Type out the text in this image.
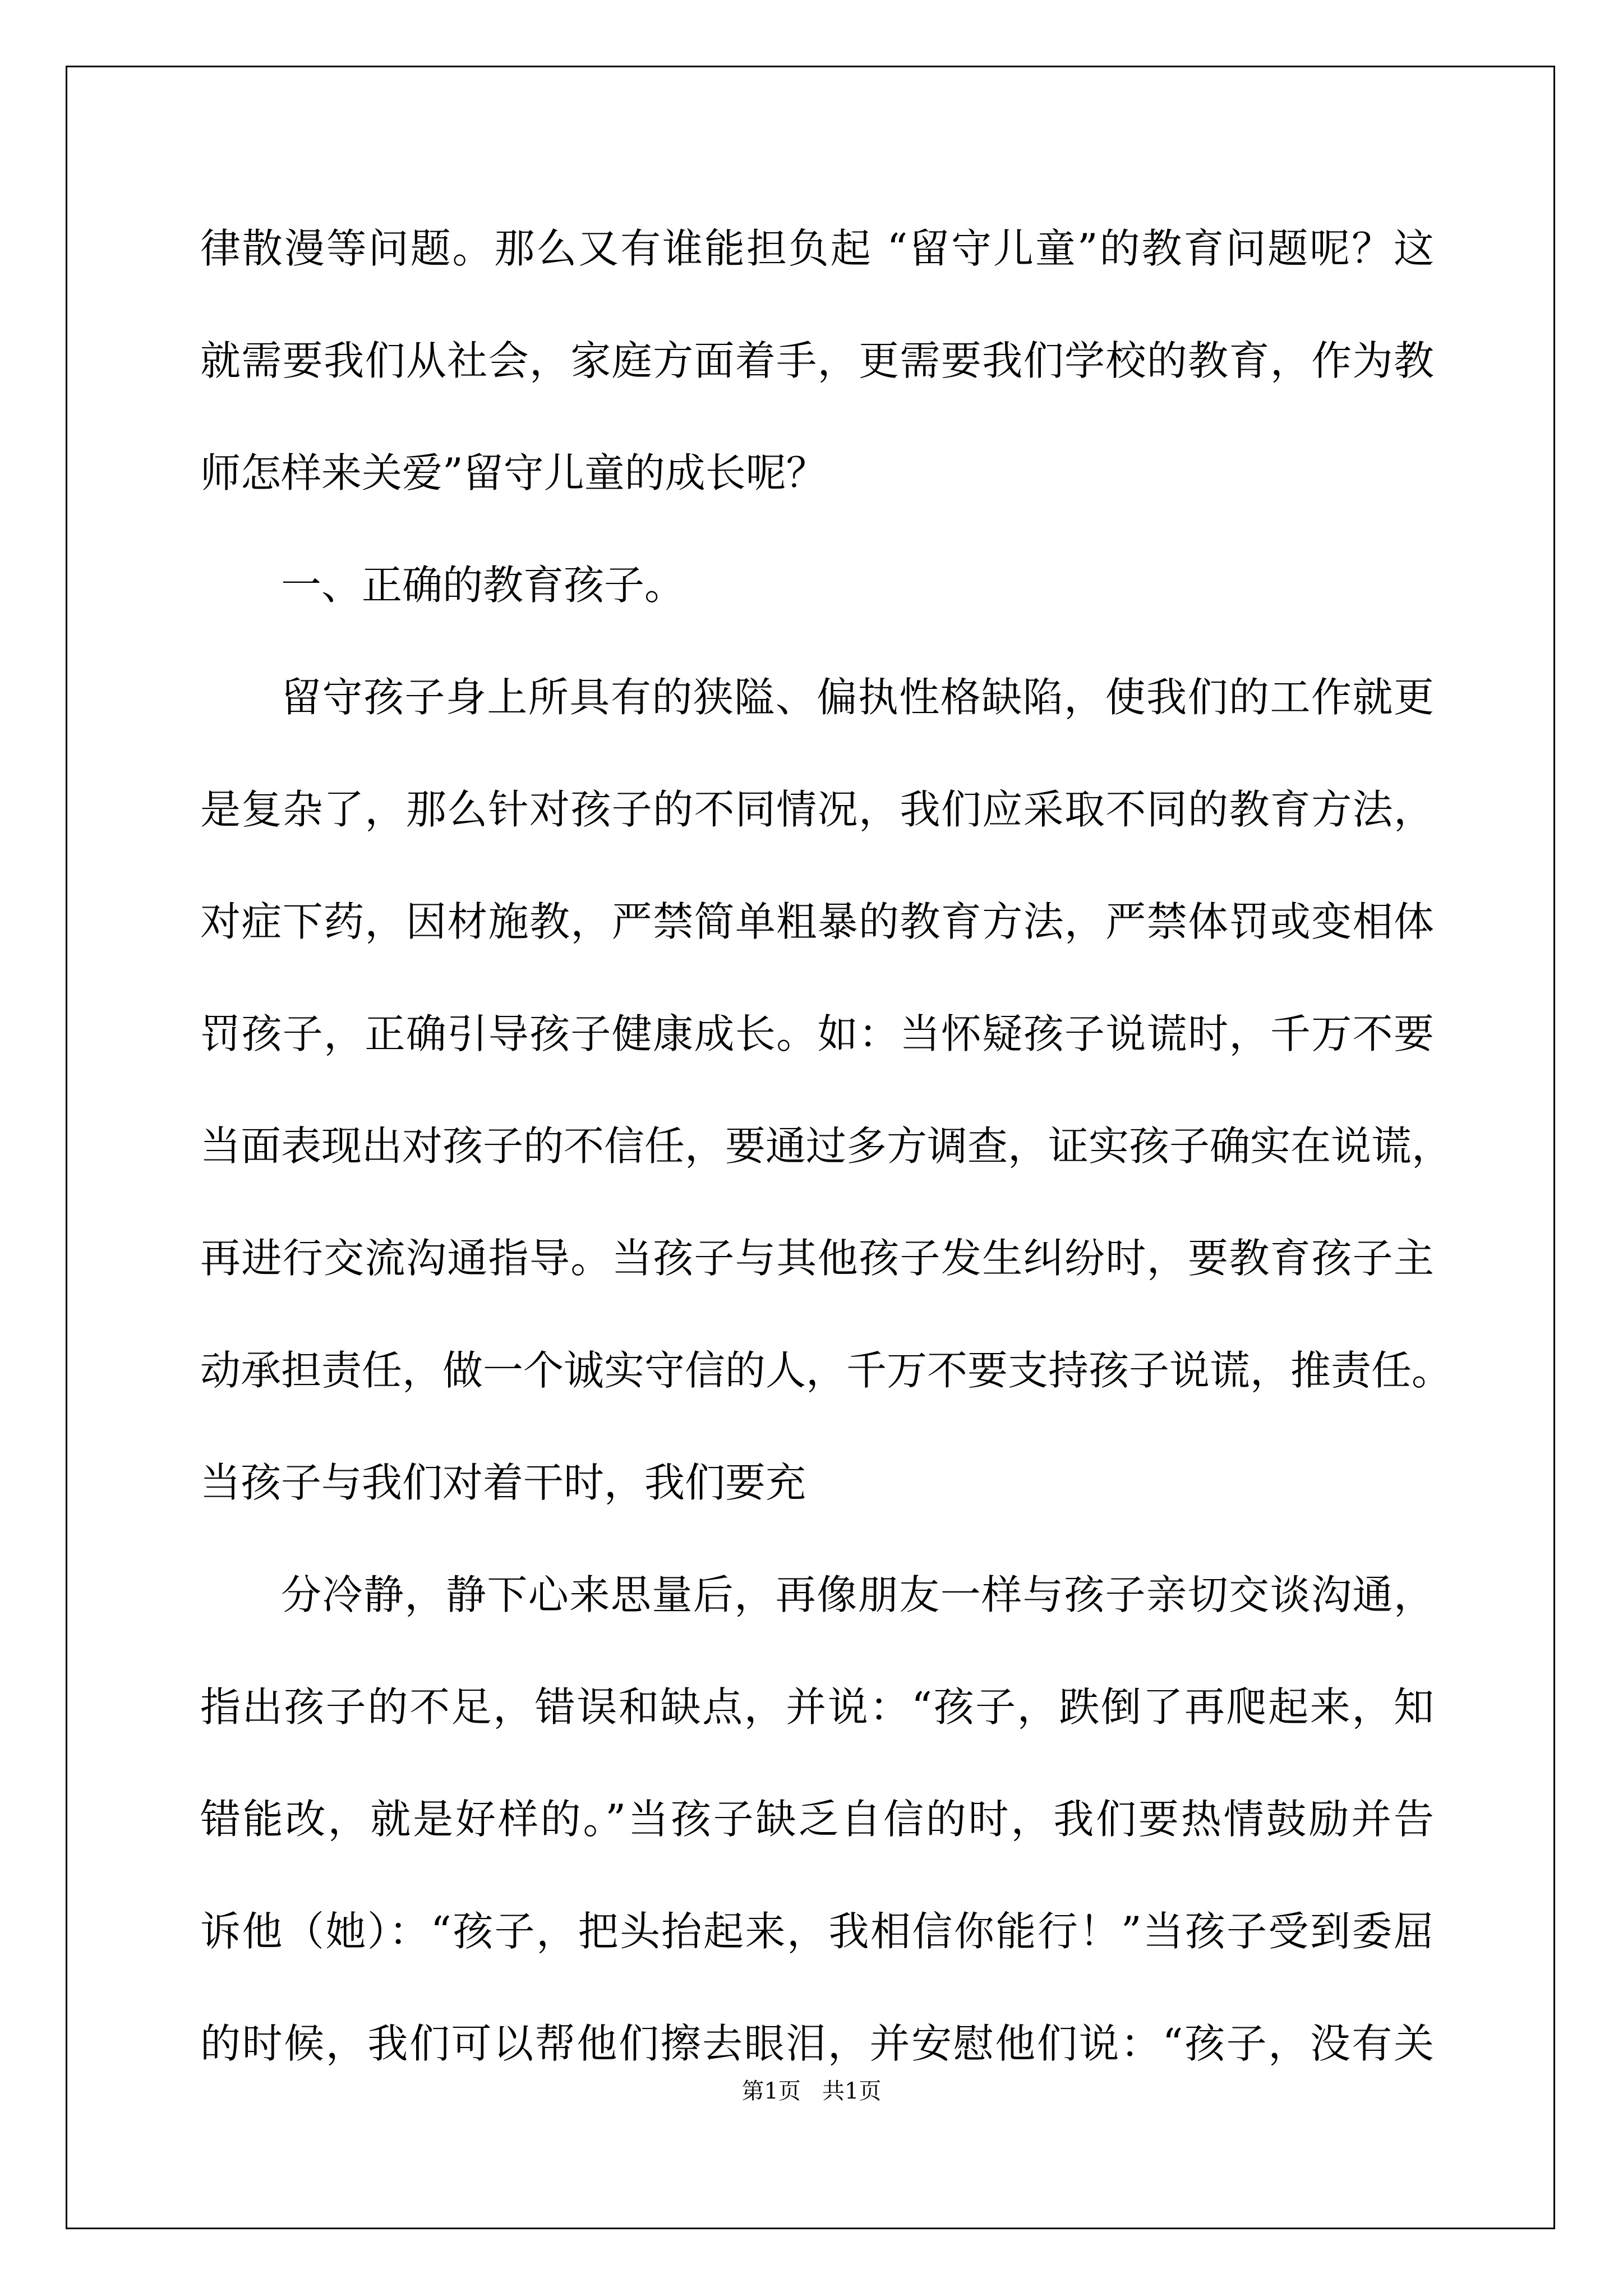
律散漫等问题。那么又有谁能担负起 “留守儿童”的教育问题呢？这
就需要我们从社会，家庭方面着手，更需要我们学校的教育，作为教
师怎样来关爱”留守儿童的成长呢？
一、正确的教育孩子。
留守孩子身上所具有的狭隘、偏执性格缺陷，使我们的工作就更
是复杂了，那么针对孩子的不同情况，我们应采取不同的教育方法，
对症下药，因材施教，严禁简单粗暴的教育方法，严禁体罚或变相体
罚孩子，正确引导孩子健康成长。如：当怀疑孩子说谎时，千万不要
当面表现出对孩子的不信任，要通过多方调查，证实孩子确实在说谎，
再进行交流沟通指导。当孩子与其他孩子发生纠纷时，要教育孩子主
动承担责任，做一个诚实守信的人，千万不要支持孩子说谎，推责任。
当孩子与我们对着干时，我们要充
分冷静，静下心来思量后，再像朋友一样与孩子亲切交谈沟通，
指出孩子的不足，错误和缺点，并说：“孩子，跌倒了再爬起来，知
错能改，就是好样的。”当孩子缺乏自信的时，我们要热情鼓励并告
诉他（她）：“孩子，把头抬起来，我相信你能行！”当孩子受到委屈
的时候，我们可以帮他们擦去眼泪，并安慰他们说：“孩子，没有关
第1页   共1页
